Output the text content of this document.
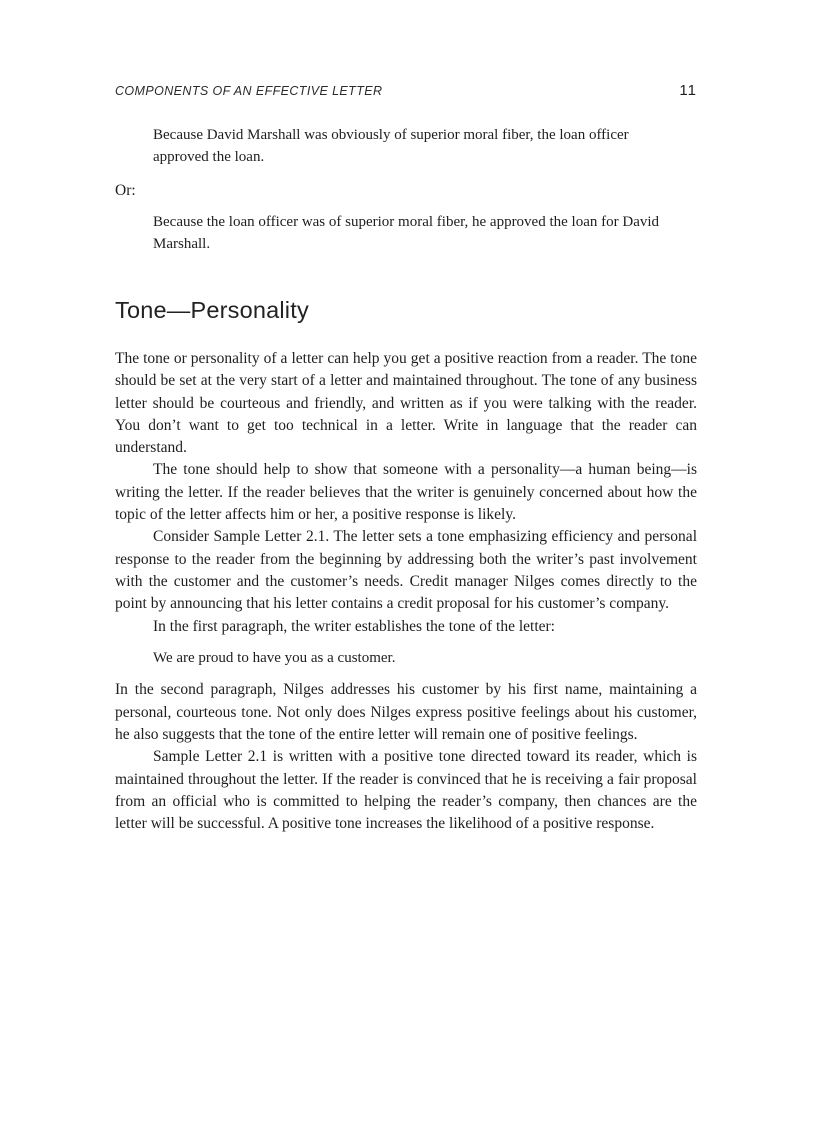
COMPONENTS OF AN EFFECTIVE LETTER	11

Because David Marshall was obviously of superior moral fiber, the loan officer approved the loan.

Or:

Because the loan officer was of superior moral fiber, he approved the loan for David Marshall.

Tone—Personality

The tone or personality of a letter can help you get a positive reaction from a reader. The tone should be set at the very start of a letter and maintained throughout. The tone of any business letter should be courteous and friendly, and written as if you were talking with the reader. You don’t want to get too technical in a letter. Write in language that the reader can understand.

The tone should help to show that someone with a personality—a human being—is writing the letter. If the reader believes that the writer is genuinely concerned about how the topic of the letter affects him or her, a positive response is likely.

Consider Sample Letter 2.1. The letter sets a tone emphasizing efficiency and personal response to the reader from the beginning by addressing both the writer’s past involvement with the customer and the customer’s needs. Credit manager Nilges comes directly to the point by announcing that his letter contains a credit proposal for his customer’s company.

In the first paragraph, the writer establishes the tone of the letter:

We are proud to have you as a customer.

In the second paragraph, Nilges addresses his customer by his first name, maintaining a personal, courteous tone. Not only does Nilges express positive feelings about his customer, he also suggests that the tone of the entire letter will remain one of positive feelings.

Sample Letter 2.1 is written with a positive tone directed toward its reader, which is maintained throughout the letter. If the reader is convinced that he is receiving a fair proposal from an official who is committed to helping the reader’s company, then chances are the letter will be successful. A positive tone increases the likelihood of a positive response.
